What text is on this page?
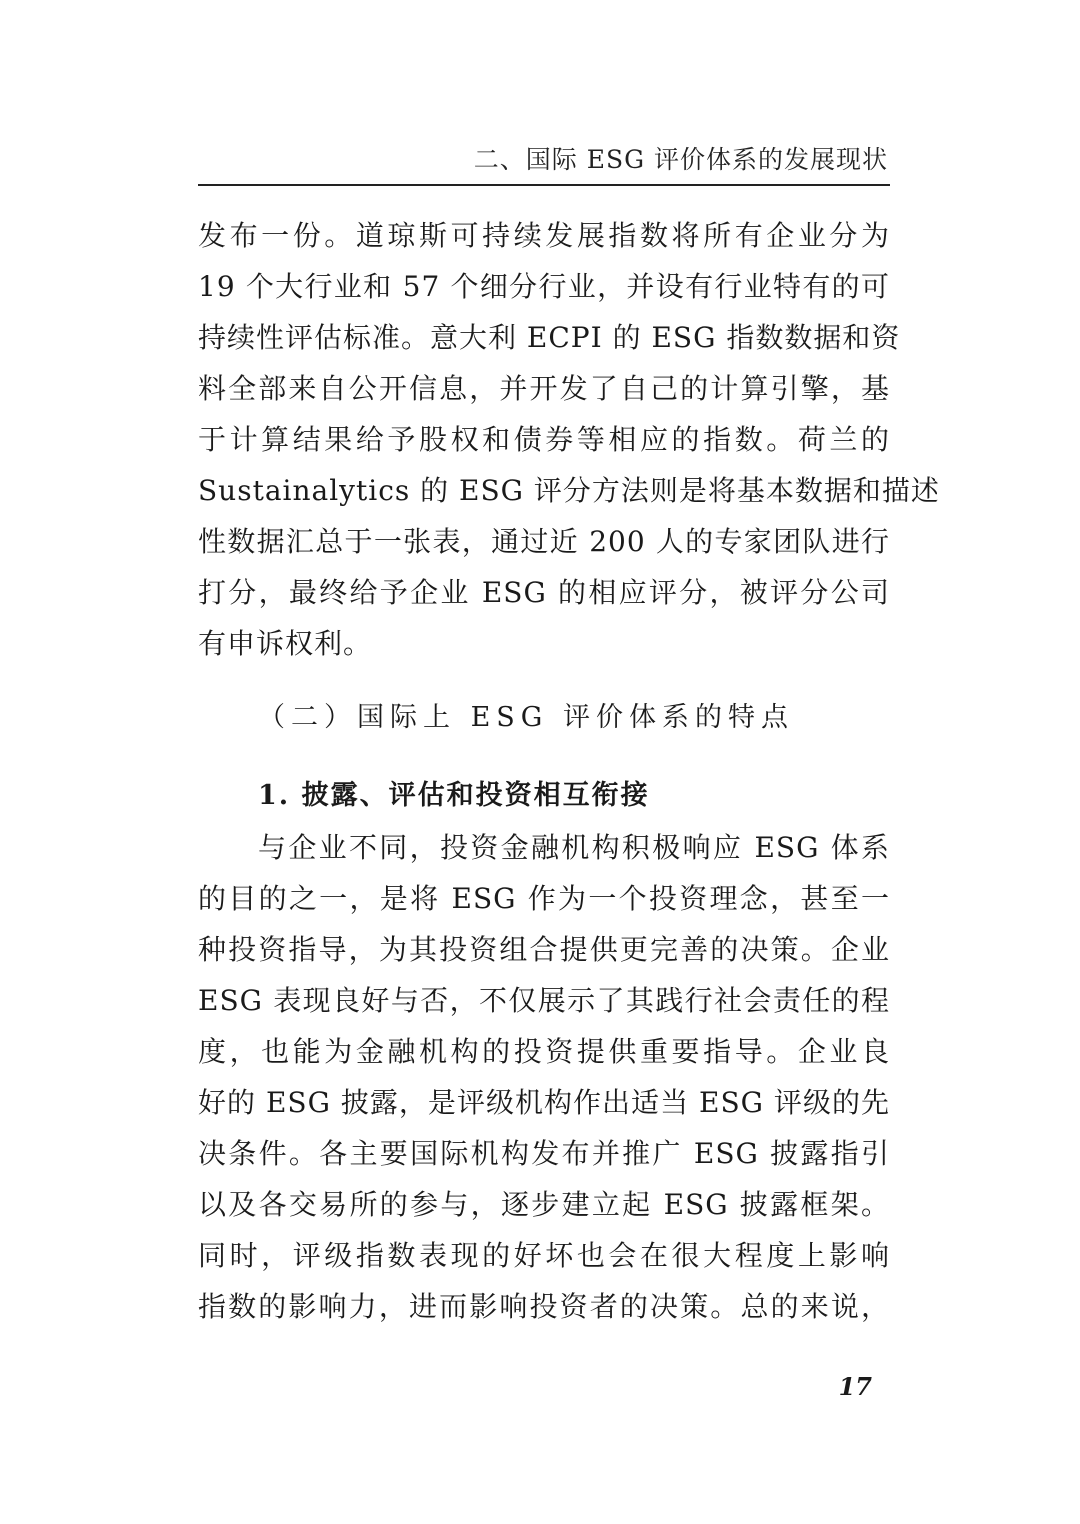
二、国际 ESG 评价体系的发展现状
发布一份。道琼斯可持续发展指数将所有企业分为
19 个大行业和 57 个细分行业，并设有行业特有的可
持续性评估标准。意大利 ECPI 的 ESG 指数数据和资
料全部来自公开信息，并开发了自己的计算引擎，基
于计算结果给予股权和债券等相应的指数。荷兰的
Sustainalytics 的 ESG 评分方法则是将基本数据和描述
性数据汇总于一张表，通过近 200 人的专家团队进行
打分，最终给予企业 ESG 的相应评分，被评分公司
有申诉权利。
（二）国际上 ESG 评价体系的特点
1. 披露、评估和投资相互衔接
与企业不同，投资金融机构积极响应 ESG 体系
的目的之一，是将 ESG 作为一个投资理念，甚至一
种投资指导，为其投资组合提供更完善的决策。企业
ESG 表现良好与否，不仅展示了其践行社会责任的程
度，也能为金融机构的投资提供重要指导。企业良
好的 ESG 披露，是评级机构作出适当 ESG 评级的先
决条件。各主要国际机构发布并推广 ESG 披露指引
以及各交易所的参与，逐步建立起 ESG 披露框架。
同时，评级指数表现的好坏也会在很大程度上影响
指数的影响力，进而影响投资者的决策。总的来说，
17
